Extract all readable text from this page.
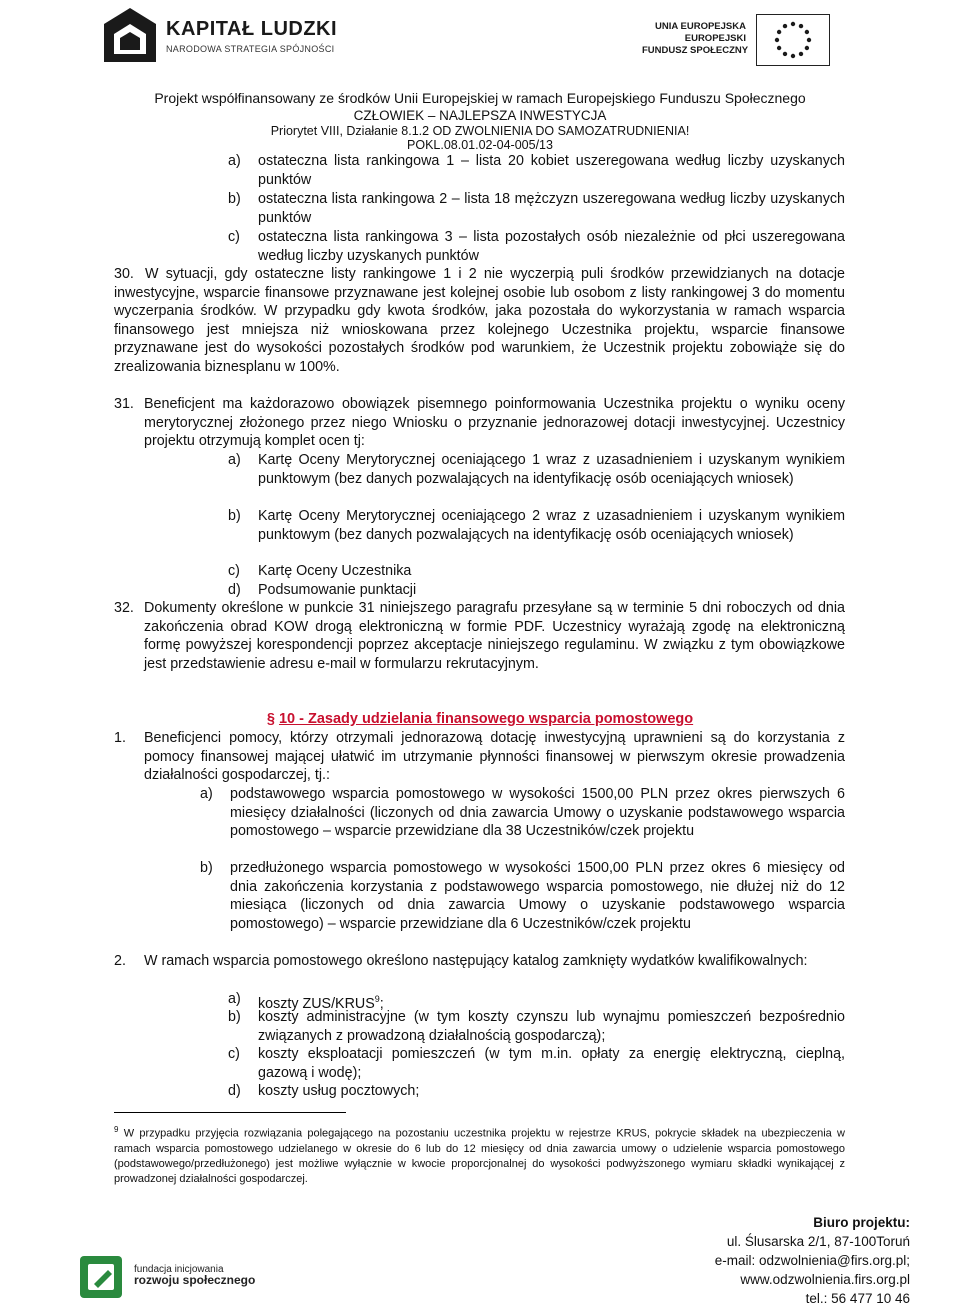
KAPITAŁ LUDZKI
NARODOWA STRATEGIA SPÓJNOŚCI
UNIA EUROPEJSKA
EUROPEJSKI
FUNDUSZ SPOŁECZNY
Projekt współfinansowany ze środków Unii Europejskiej w ramach Europejskiego Funduszu Społecznego
CZŁOWIEK – NAJLEPSZA INWESTYCJA
Priorytet VIII, Działanie 8.1.2 OD ZWOLNIENIA DO SAMOZATRUDNIENIA!
POKL.08.01.02-04-005/13
a) ostateczna lista rankingowa 1 – lista 20 kobiet uszeregowana według liczby uzyskanych punktów
b) ostateczna lista rankingowa 2 – lista 18 mężczyzn uszeregowana według liczby uzyskanych punktów
c) ostateczna lista rankingowa 3 – lista pozostałych osób niezależnie od płci uszeregowana według liczby uzyskanych punktów
30. W sytuacji, gdy ostateczne listy rankingowe 1 i 2 nie wyczerpią puli środków przewidzianych na dotacje inwestycyjne, wsparcie finansowe przyznawane jest kolejnej osobie lub osobom z listy rankingowej 3 do momentu wyczerpania środków. W przypadku gdy kwota środków, jaka pozostała do wykorzystania w ramach wsparcia finansowego jest mniejsza niż wnioskowana przez kolejnego Uczestnika projektu, wsparcie finansowe przyznawane jest do wysokości pozostałych środków pod warunkiem, że Uczestnik projektu zobowiąże się do zrealizowania biznesplanu w 100%.
31. Beneficjent ma każdorazowo obowiązek pisemnego poinformowania Uczestnika projektu o wyniku oceny merytorycznej złożonego przez niego Wniosku o przyznanie jednorazowej dotacji inwestycyjnej. Uczestnicy projektu otrzymują komplet ocen tj:
a) Kartę Oceny Merytorycznej oceniającego 1 wraz z uzasadnieniem i uzyskanym wynikiem punktowym (bez danych pozwalających na identyfikację osób oceniających wniosek)
b) Kartę Oceny Merytorycznej oceniającego 2 wraz z uzasadnieniem i uzyskanym wynikiem punktowym (bez danych pozwalających na identyfikację osób oceniających wniosek)
c) Kartę Oceny Uczestnika
d) Podsumowanie punktacji
32. Dokumenty określone w punkcie 31 niniejszego paragrafu przesyłane są w terminie 5 dni roboczych od dnia zakończenia obrad KOW drogą elektroniczną w formie PDF. Uczestnicy wyrażają zgodę na elektroniczną formę powyższej korespondencji poprzez akceptacje niniejszego regulaminu. W związku z tym obowiązkowe jest przedstawienie adresu e-mail w formularzu rekrutacyjnym.
§ 10 - Zasady udzielania finansowego wsparcia pomostowego
1. Beneficjenci pomocy, którzy otrzymali jednorazową dotację inwestycyjną uprawnieni są do korzystania z pomocy finansowej mającej ułatwić im utrzymanie płynności finansowej w pierwszym okresie prowadzenia działalności gospodarczej, tj.:
a) podstawowego wsparcia pomostowego w wysokości 1500,00 PLN przez okres pierwszych 6 miesięcy działalności (liczonych od dnia zawarcia Umowy o uzyskanie podstawowego wsparcia pomostowego – wsparcie przewidziane dla 38 Uczestników/czek projektu
b) przedłużonego wsparcia pomostowego w wysokości 1500,00 PLN przez okres 6 miesięcy od dnia zakończenia korzystania z podstawowego wsparcia pomostowego, nie dłużej niż do 12 miesiąca (liczonych od dnia zawarcia Umowy o uzyskanie podstawowego wsparcia pomostowego) – wsparcie przewidziane dla 6 Uczestników/czek projektu
2. W ramach wsparcia pomostowego określono następujący katalog zamknięty wydatków kwalifikowalnych:
a) koszty ZUS/KRUS$^9$;
b) koszty administracyjne (w tym koszty czynszu lub wynajmu pomieszczeń bezpośrednio związanych z prowadzoną działalnością gospodarczą);
c) koszty eksploatacji pomieszczeń (w tym m.in. opłaty za energię elektryczną, cieplną, gazową i wodę);
d) koszty usług pocztowych;
$^9$ W przypadku przyjęcia rozwiązania polegającego na pozostaniu uczestnika projektu w rejestrze KRUS, pokrycie składek na ubezpieczenia w ramach wsparcia pomostowego udzielanego w okresie do 6 lub do 12 miesięcy od dnia zawarcia umowy o udzielenie wsparcia pomostowego (podstawowego/przedłużonego) jest możliwe wyłącznie w kwocie proporcjonalnej do wysokości podwyższonego wymiaru składki wynikającej z prowadzonej działalności gospodarczej.
fundacja inicjowania
rozwoju społecznego
Biuro projektu:
ul. Ślusarska 2/1, 87-100Toruń
e-mail: odzwolnienia@firs.org.pl;
www.odzwolnienia.firs.org.pl
tel.: 56 477 10 46
